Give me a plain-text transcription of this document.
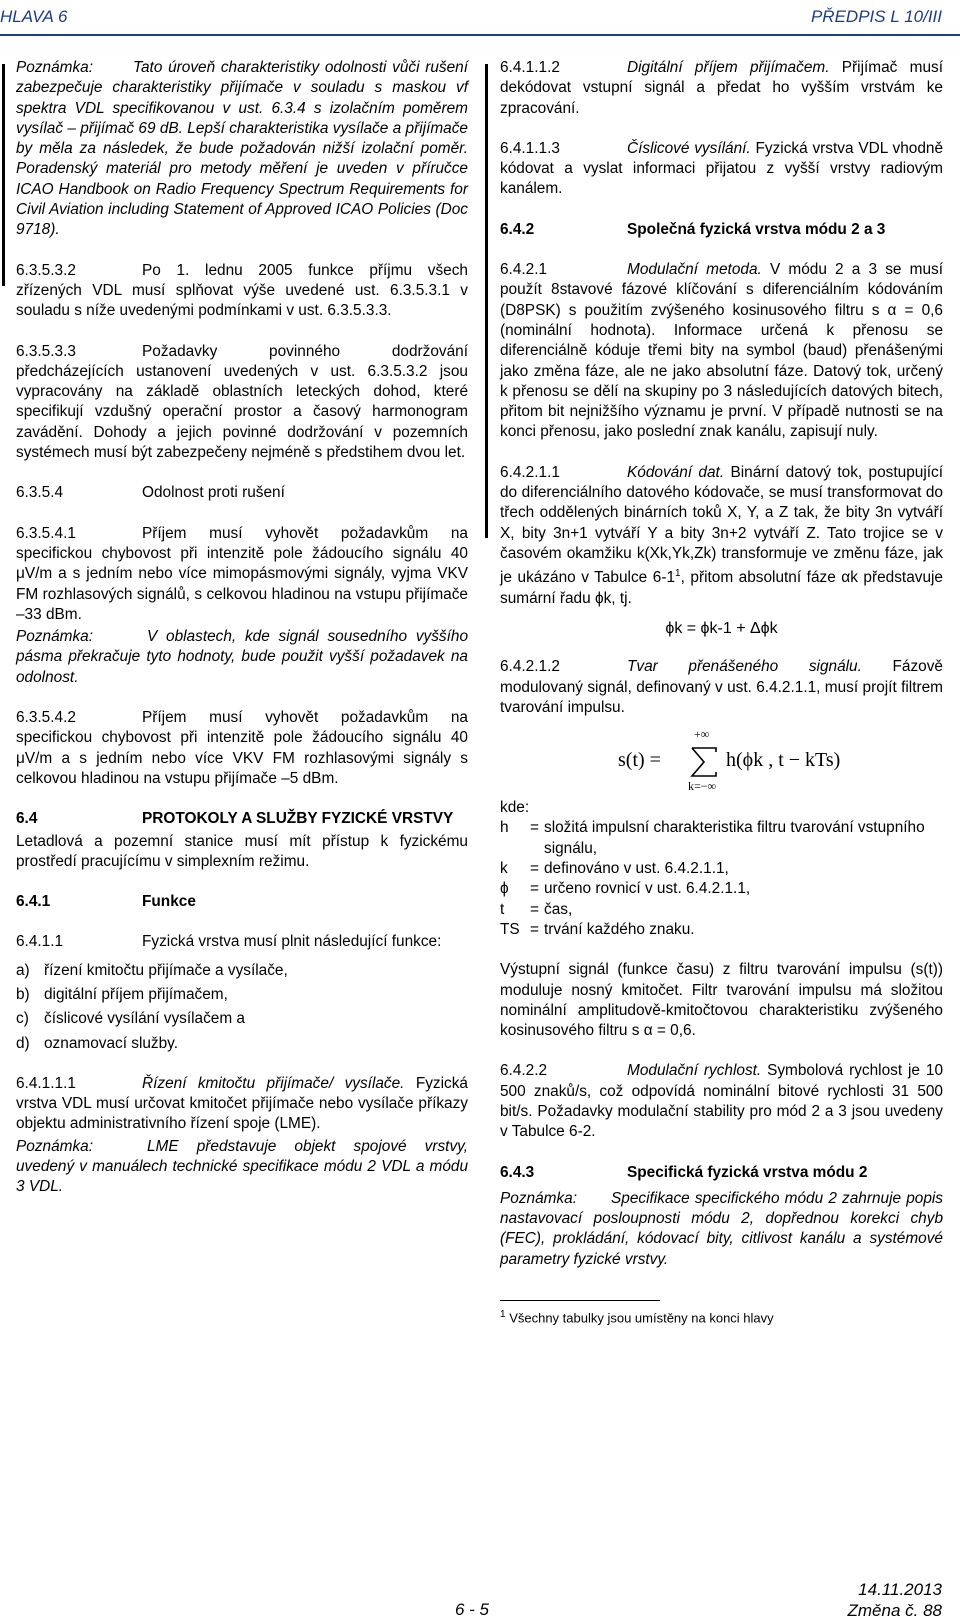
HLAVA 6	PŘEDPIS L 10/III

Poznámka:	Tato úroveň charakteristiky odolnosti vůči rušení zabezpečuje charakteristiky přijímače v souladu s maskou vf spektra VDL specifikovanou v ust. 6.3.4 s izolačním poměrem vysílač – přijímač 69 dB. Lepší charakteristika vysílače a přijímače by měla za následek, že bude požadován nižší izolační poměr. Poradenský materiál pro metody měření je uveden v příručce ICAO Handbook on Radio Frequency Spectrum Requirements for Civil Aviation including Statement of Approved ICAO Policies (Doc 9718).

6.3.5.3.2	Po 1. lednu 2005 funkce příjmu všech zřízených VDL musí splňovat výše uvedené ust. 6.3.5.3.1 v souladu s níže uvedenými podmínkami v ust. 6.3.5.3.3.

6.3.5.3.3	Požadavky povinného dodržování předcházejících ustanovení uvedených v ust. 6.3.5.3.2 jsou vypracovány na základě oblastních leteckých dohod, které specifikují vzdušný operační prostor a časový harmonogram zavádění. Dohody a jejich povinné dodržování v pozemních systémech musí být zabezpečeny nejméně s předstihem dvou let.

6.3.5.4	Odolnost proti rušení

6.3.5.4.1	Příjem musí vyhovět požadavkům na specifickou chybovost při intenzitě pole žádoucího signálu 40 μV/m a s jedním nebo více mimopásmovými signály, vyjma VKV FM rozhlasových signálů, s celkovou hladinou na vstupu přijímače –33 dBm.

Poznámka:	V oblastech, kde signál sousedního vyššího pásma překračuje tyto hodnoty, bude použit vyšší požadavek na odolnost.

6.3.5.4.2	Příjem musí vyhovět požadavkům na specifickou chybovost při intenzitě pole žádoucího signálu 40 μV/m a s jedním nebo více VKV FM rozhlasovými signály s celkovou hladinou na vstupu přijímače –5 dBm.

6.4	PROTOKOLY A SLUŽBY FYZICKÉ VRSTVY

Letadlová a pozemní stanice musí mít přístup k fyzickému prostředí pracujícímu v simplexním režimu.

6.4.1	Funkce

6.4.1.1	Fyzická vrstva musí plnit následující funkce:

a) řízení kmitočtu přijímače a vysílače,
b) digitální příjem přijímačem,
c) číslicové vysílání vysílačem a
d) oznamovací služby.

6.4.1.1.1	Řízení kmitočtu přijímače/ vysílače. Fyzická vrstva VDL musí určovat kmitočet přijímače nebo vysílače příkazy objektu administrativního řízení spoje (LME).

Poznámka:	LME představuje objekt spojové vrstvy, uvedený v manuálech technické specifikace módu 2 VDL a módu 3 VDL.

6.4.1.1.2	Digitální příjem přijímačem. Přijímač musí dekódovat vstupní signál a předat ho vyšším vrstvám ke zpracování.

6.4.1.1.3	Číslicové vysílání. Fyzická vrstva VDL vhodně kódovat a vyslat informaci přijatou z vyšší vrstvy radiovým kanálem.

6.4.2	Společná fyzická vrstva módu 2 a 3

6.4.2.1	Modulační metoda. V módu 2 a 3 se musí použít 8stavové fázové klíčování s diferenciálním kódováním (D8PSK) s použitím zvýšeného kosinusového filtru s α = 0,6 (nominální hodnota). Informace určená k přenosu se diferenciálně kóduje třemi bity na symbol (baud) přenášenými jako změna fáze, ale ne jako absolutní fáze. Datový tok, určený k přenosu se dělí na skupiny po 3 následujících datových bitech, přitom bit nejnižšího významu je první. V případě nutnosti se na konci přenosu, jako poslední znak kanálu, zapisují nuly.

6.4.2.1.1	Kódování dat. Binární datový tok, postupující do diferenciálního datového kódovače, se musí transformovat do třech oddělených binárních toků X, Y, a Z tak, že bity 3n vytváří X, bity 3n+1 vytváří Y a bity 3n+2 vytváří Z. Tato trojice se v časovém okamžiku k(Xk,Yk,Zk) transformuje ve změnu fáze, jak je ukázáno v Tabulce $6-1^1$, přitom absolutní fáze αk představuje sumární řadu ϕk, tj.

ϕk = ϕk-1 + Δϕk

6.4.2.1.2	Tvar přenášeného signálu. Fázově modulovaný signál, definovaný v ust. 6.4.2.1.1, musí projít filtrem tvarování impulsu.

s(t) =
+∞
k=−∞
h(ϕk , t − kTs)
kde:
h	= složitá impulsní charakteristika filtru tvarování vstupního signálu,
k	= definováno v ust. 6.4.2.1.1,
ϕ	= určeno rovnicí v ust. 6.4.2.1.1,
t	= čas,
TS = trvání každého znaku.

Výstupní signál (funkce času) z filtru tvarování impulsu (s(t)) moduluje nosný kmitočet. Filtr tvarování impulsu má složitou nominální amplitudově-kmitočtovou charakteristiku zvýšeného kosinusového filtru s α = 0,6.

6.4.2.2	Modulační rychlost. Symbolová rychlost je 10 500 znaků/s, což odpovídá nominální bitové rychlosti 31 500 bit/s. Požadavky modulační stability pro mód 2 a 3 jsou uvedeny v Tabulce 6-2.

6.4.3	Specifická fyzická vrstva módu 2

Poznámka: Specifikace specifického módu 2 zahrnuje popis nastavovací posloupnosti módu 2, dopřednou korekci chyb (FEC), prokládání, kódovací bity, citlivost kanálu a systémové parametry fyzické vrstvy.

$^1$ Všechny tabulky jsou umístěny na konci hlavy
6 - 5
14.11.2013
Změna č. 88
